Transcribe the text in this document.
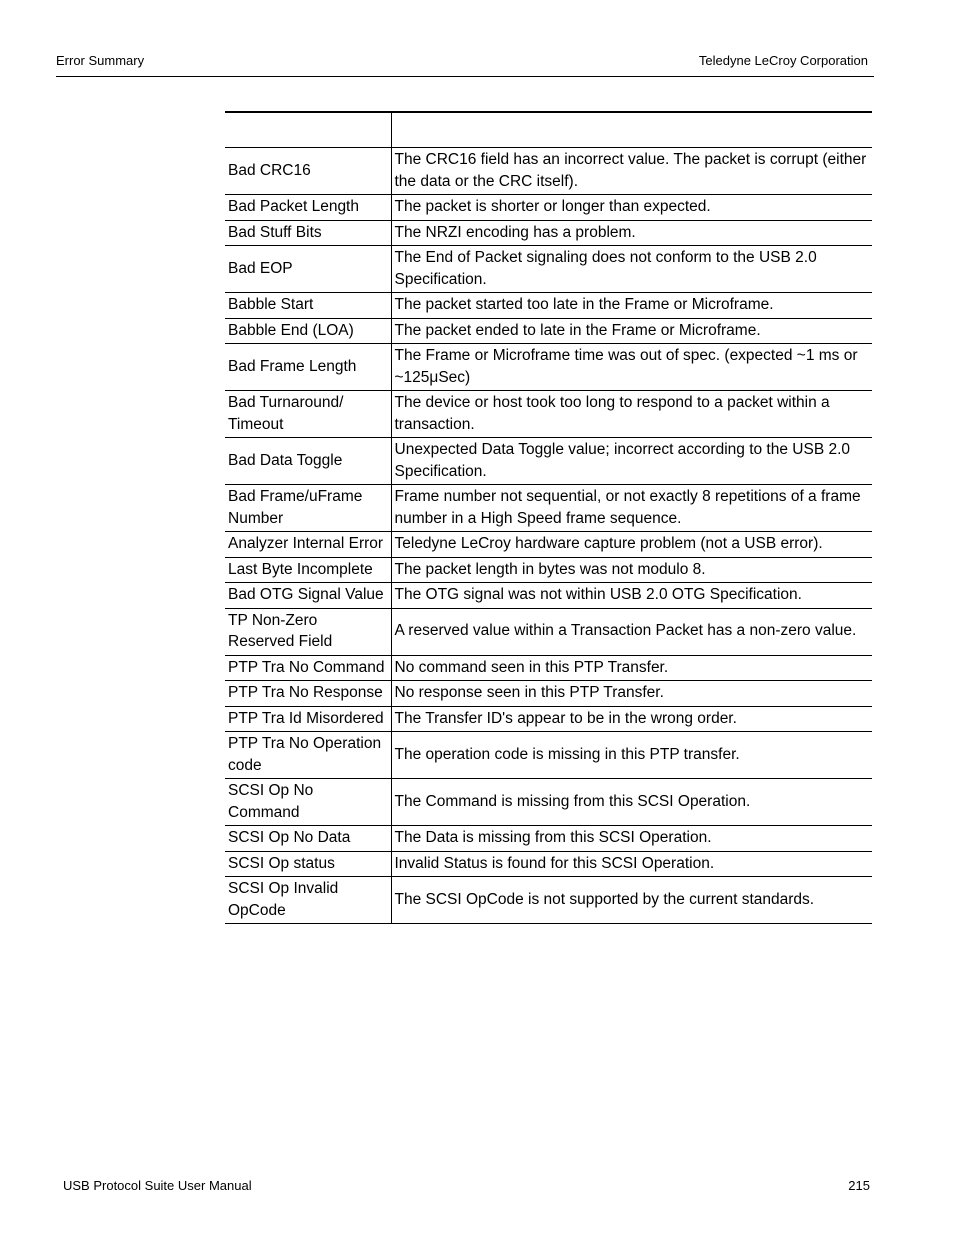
Error Summary	Teledyne LeCroy Corporation

Bad CRC16	The CRC16 field has an incorrect value. The packet is corrupt (either the data or the CRC itself).
Bad Packet Length	The packet is shorter or longer than expected.
Bad Stuff Bits	The NRZI encoding has a problem.
Bad EOP	The End of Packet signaling does not conform to the USB 2.0 Specification.
Babble Start	The packet started too late in the Frame or Microframe.
Babble End (LOA)	The packet ended to late in the Frame or Microframe.
Bad Frame Length	The Frame or Microframe time was out of spec. (expected ~1 ms or ~125μSec)
Bad Turnaround/ Timeout	The device or host took too long to respond to a packet within a transaction.
Bad Data Toggle	Unexpected Data Toggle value; incorrect according to the USB 2.0 Specification.
Bad Frame/uFrame Number	Frame number not sequential, or not exactly 8 repetitions of a frame number in a High Speed frame sequence.
Analyzer Internal Error	Teledyne LeCroy hardware capture problem (not a USB error).
Last Byte Incomplete	The packet length in bytes was not modulo 8.
Bad OTG Signal Value	The OTG signal was not within USB 2.0 OTG Specification.
TP Non-Zero Reserved Field	A reserved value within a Transaction Packet has a non-zero value.
PTP Tra No Command	No command seen in this PTP Transfer.
PTP Tra No Response	No response seen in this PTP Transfer.
PTP Tra Id Misordered	The Transfer ID's appear to be in the wrong order.
PTP Tra No Operation code	The operation code is missing in this PTP transfer.
SCSI Op No Command	The Command is missing from this SCSI Operation.
SCSI Op No Data	The Data is missing from this SCSI Operation.
SCSI Op status	Invalid Status is found for this SCSI Operation.
SCSI Op Invalid OpCode	The SCSI OpCode is not supported by the current standards.
USB Protocol Suite User Manual	215
